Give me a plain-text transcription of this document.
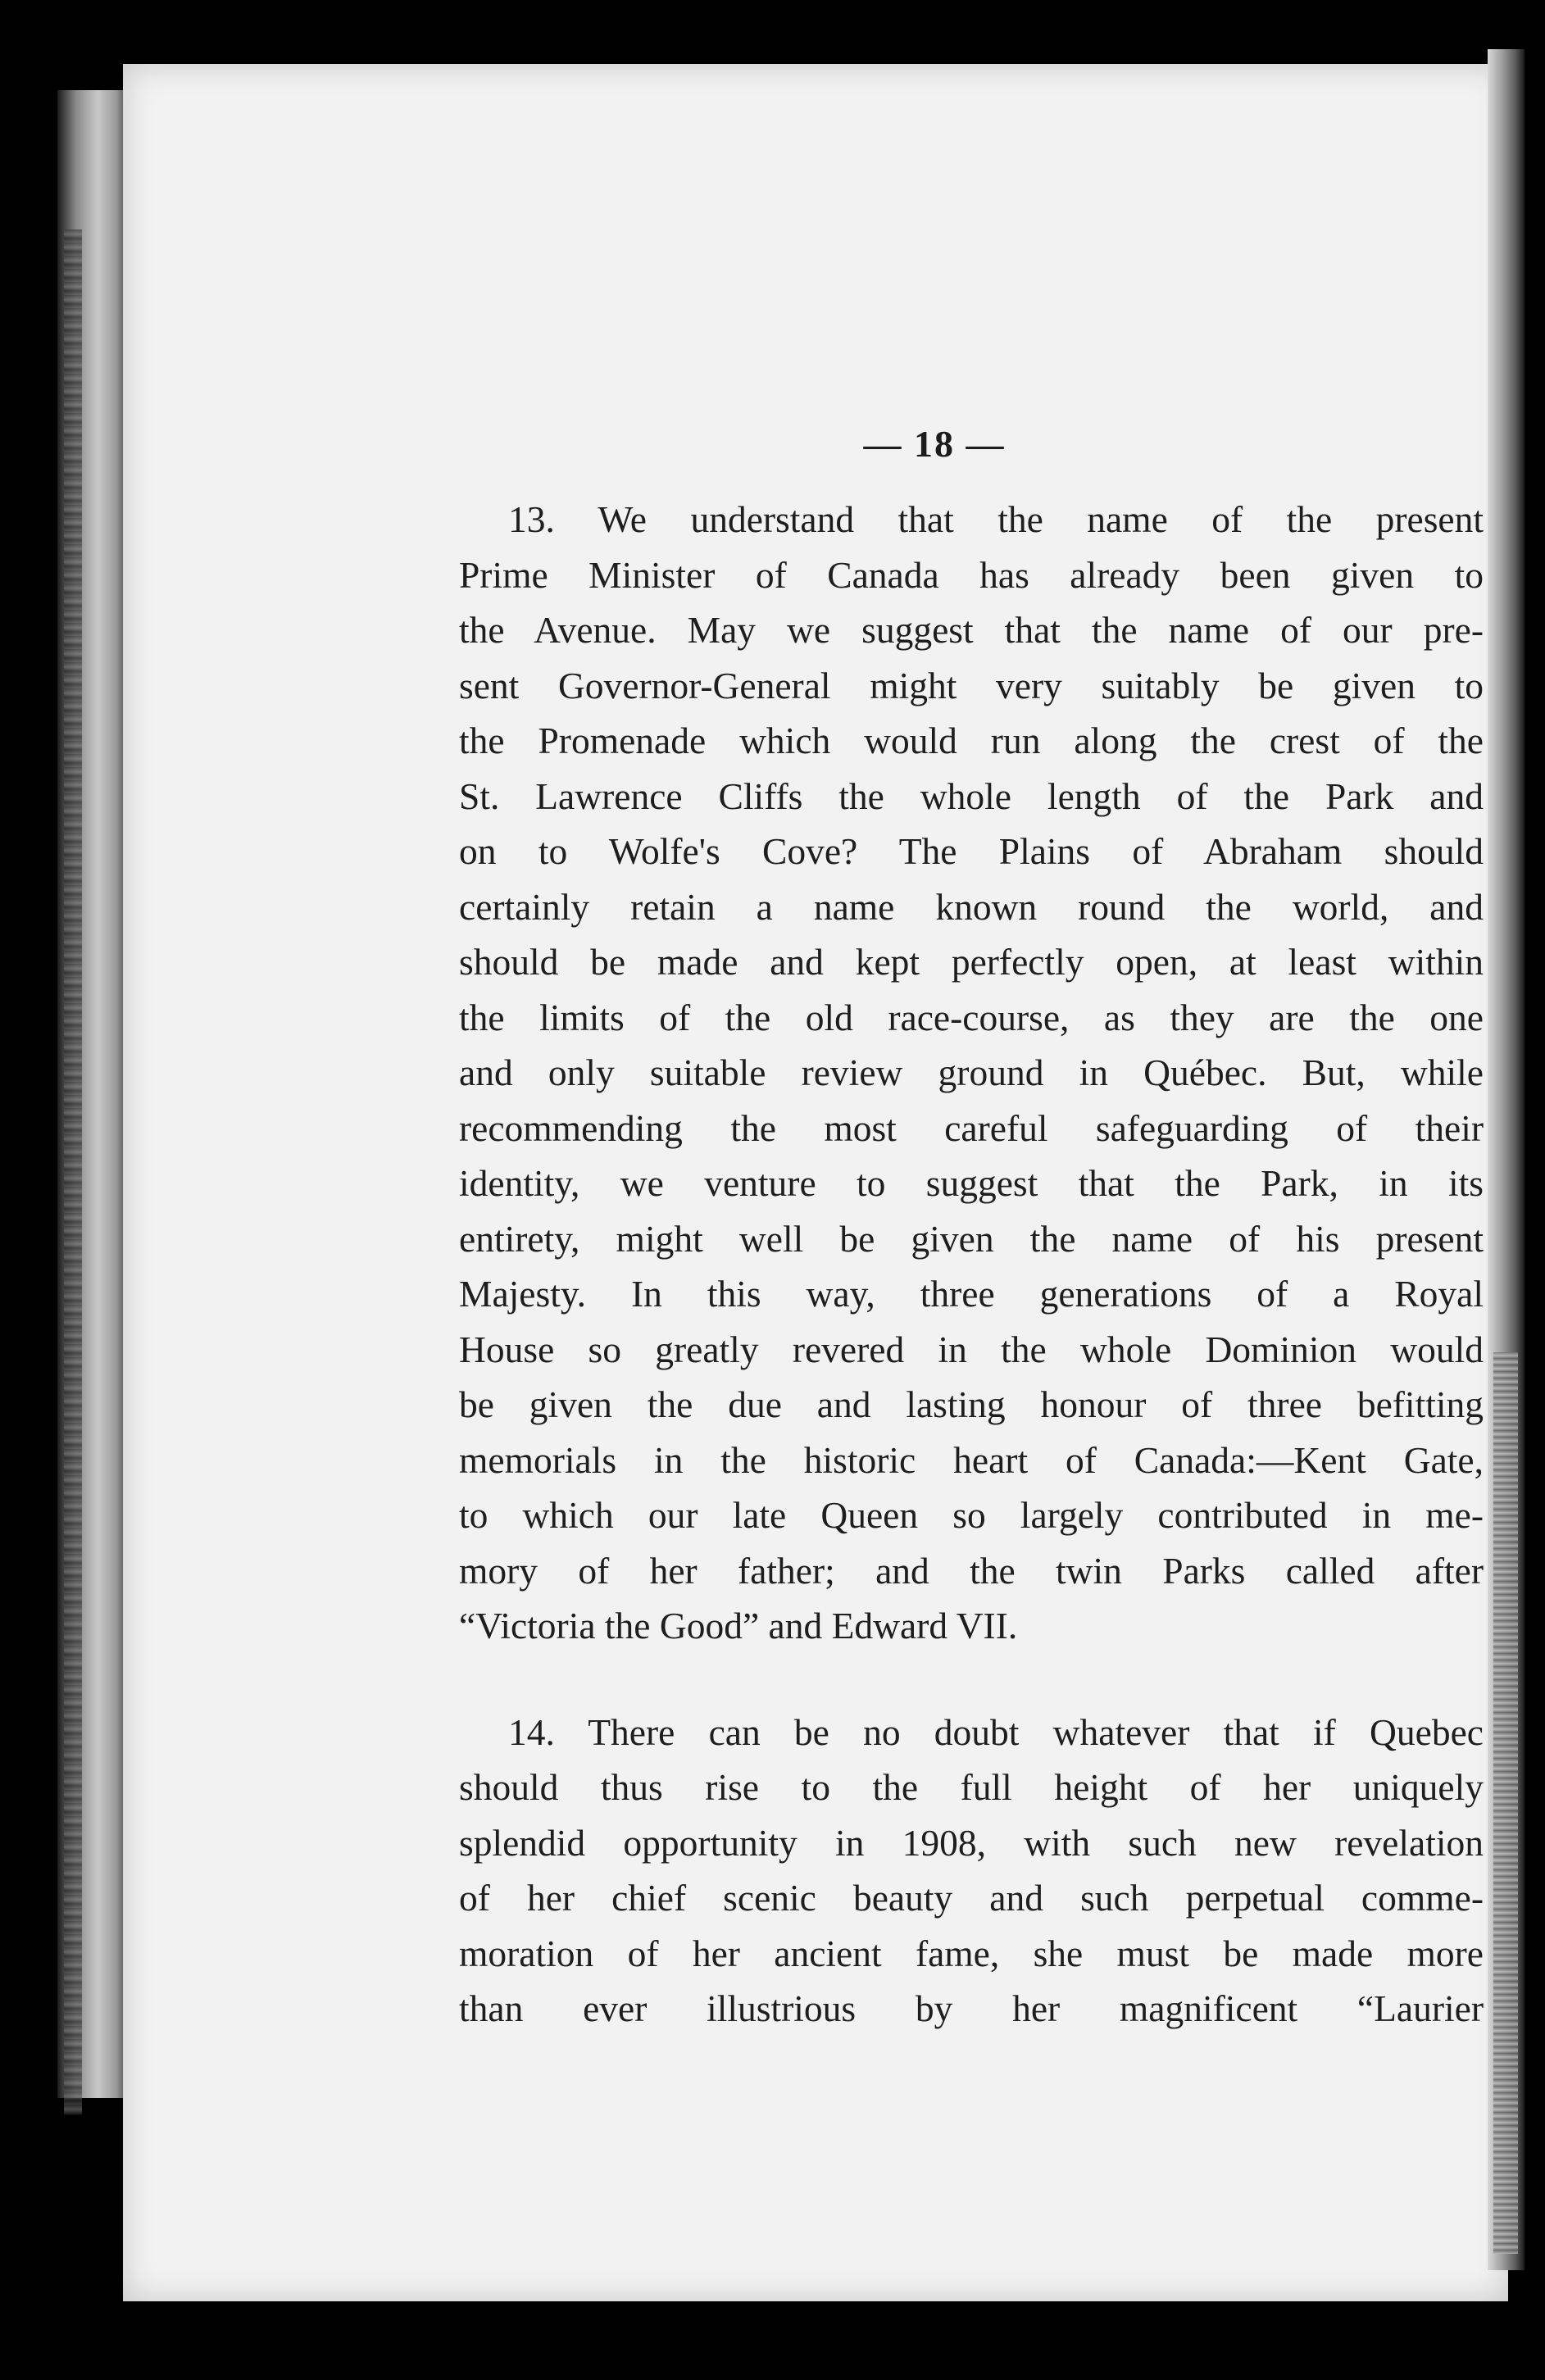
— 18 —
13. We understand that the name of the present
Prime Minister of Canada has already been given to
the Avenue. May we suggest that the name of our pre-
sent Governor-General might very suitably be given to
the Promenade which would run along the crest of the
St. Lawrence Cliffs the whole length of the Park and
on to Wolfe's Cove? The Plains of Abraham should
certainly retain a name known round the world, and
should be made and kept perfectly open, at least within
the limits of the old race-course, as they are the one
and only suitable review ground in Québec. But, while
recommending the most careful safeguarding of their
identity, we venture to suggest that the Park, in its
entirety, might well be given the name of his present
Majesty. In this way, three generations of a Royal
House so greatly revered in the whole Dominion would
be given the due and lasting honour of three befitting
memorials in the historic heart of Canada:—Kent Gate,
to which our late Queen so largely contributed in me-
mory of her father; and the twin Parks called after
“Victoria the Good” and Edward VII.
14. There can be no doubt whatever that if Quebec
should thus rise to the full height of her uniquely
splendid opportunity in 1908, with such new revelation
of her chief scenic beauty and such perpetual comme-
moration of her ancient fame, she must be made more
than ever illustrious by her magnificent “Laurier
